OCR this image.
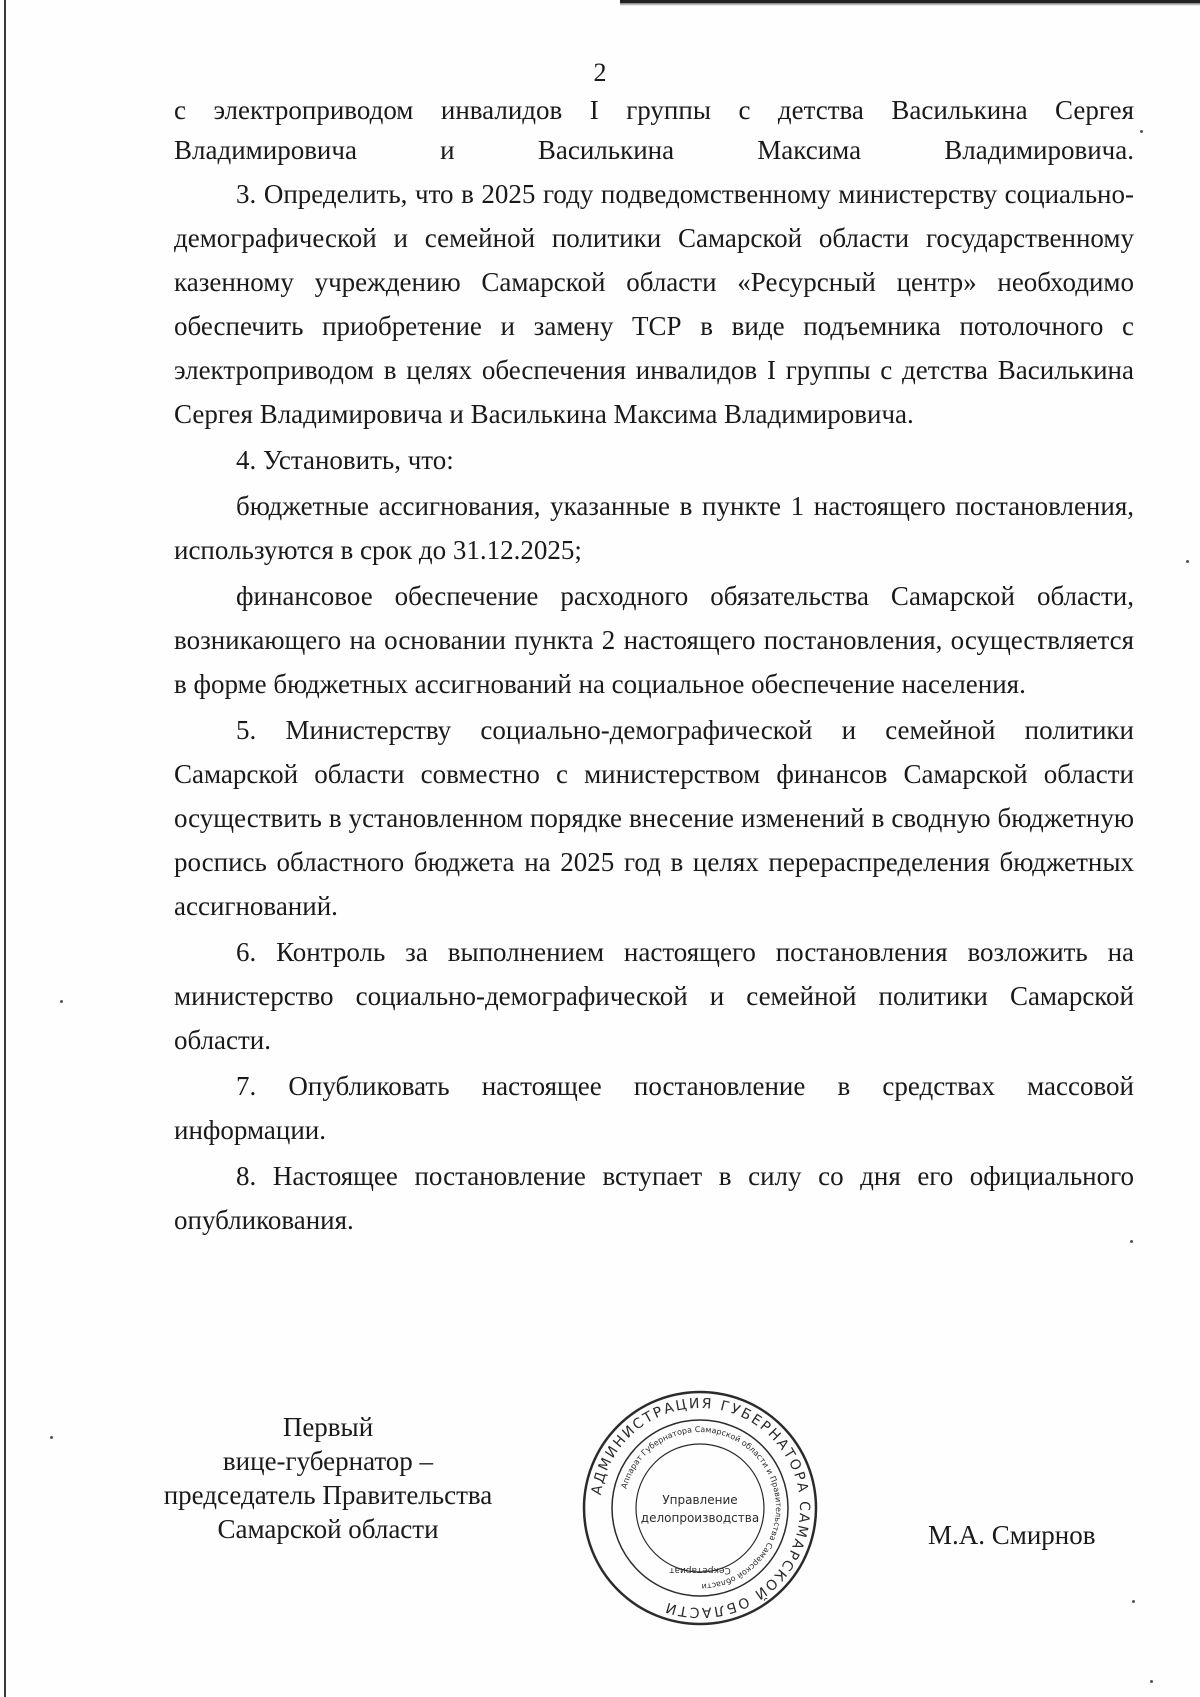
2

с электроприводом инвалидов I группы с детства Василькина Сергея Владимировича и Василькина Максима Владимировича.

3. Определить, что в 2025 году подведомственному министерству социально-демографической и семейной политики Самарской области государственному казенному учреждению Самарской области «Ресурсный центр» необходимо обеспечить приобретение и замену ТСР в виде подъемника потолочного с электроприводом в целях обеспечения инвалидов I группы с детства Василькина Сергея Владимировича и Василькина Максима Владимировича.

4. Установить, что:

бюджетные ассигнования, указанные в пункте 1 настоящего постановления, используются в срок до 31.12.2025;

финансовое обеспечение расходного обязательства Самарской области, возникающего на основании пункта 2 настоящего постановления, осуществляется в форме бюджетных ассигнований на социальное обеспечение населения.

5. Министерству социально-демографической и семейной политики Самарской области совместно с министерством финансов Самарской области осуществить в установленном порядке внесение изменений в сводную бюджетную роспись областного бюджета на 2025 год в целях перераспределения бюджетных ассигнований.

6. Контроль за выполнением настоящего постановления возложить на министерство социально-демографической и семейной политики Самарской области.

7. Опубликовать настоящее постановление в средствах массовой информации.

8. Настоящее постановление вступает в силу со дня его официального опубликования.

Первый
вице-губернатор –
председатель Правительства
Самарской области
АДМИНИСТРАЦИЯ ГУБЕРНАТОРА САМАРСКОЙ ОБЛАСТИ
Аппарат Губернатора Самарской области и Правительства Самарской области
Управление
делопроизводства
Секретариат
М.А. Смирнов
